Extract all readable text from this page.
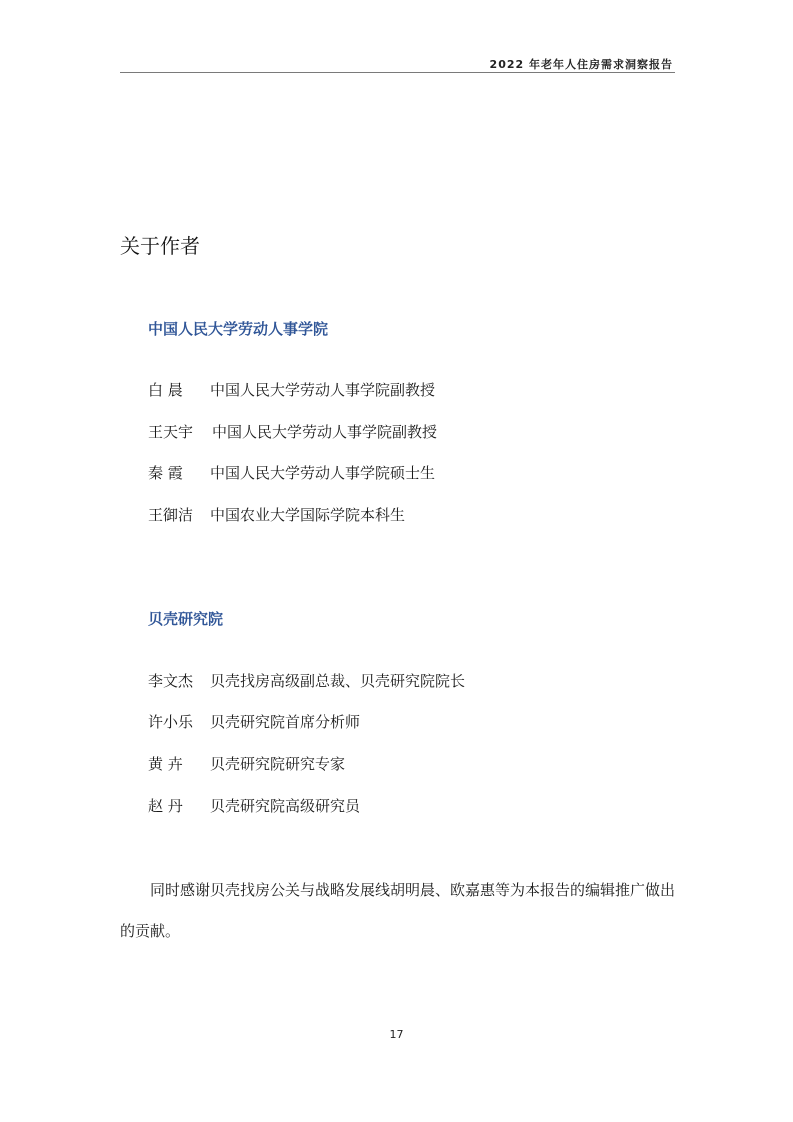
2022 年老年人住房需求洞察报告
关于作者
中国人民大学劳动人事学院
白 晨 中国人民大学劳动人事学院副教授
王天宇 中国人民大学劳动人事学院副教授
秦 霞 中国人民大学劳动人事学院硕士生
王御洁 中国农业大学国际学院本科生
贝壳研究院
李文杰 贝壳找房高级副总裁、贝壳研究院院长
许小乐 贝壳研究院首席分析师
黄 卉 贝壳研究院研究专家
赵 丹 贝壳研究院高级研究员

同时感谢贝壳找房公关与战略发展线胡明晨、欧嘉惠等为本报告的编辑推广做出的贡献。

17
